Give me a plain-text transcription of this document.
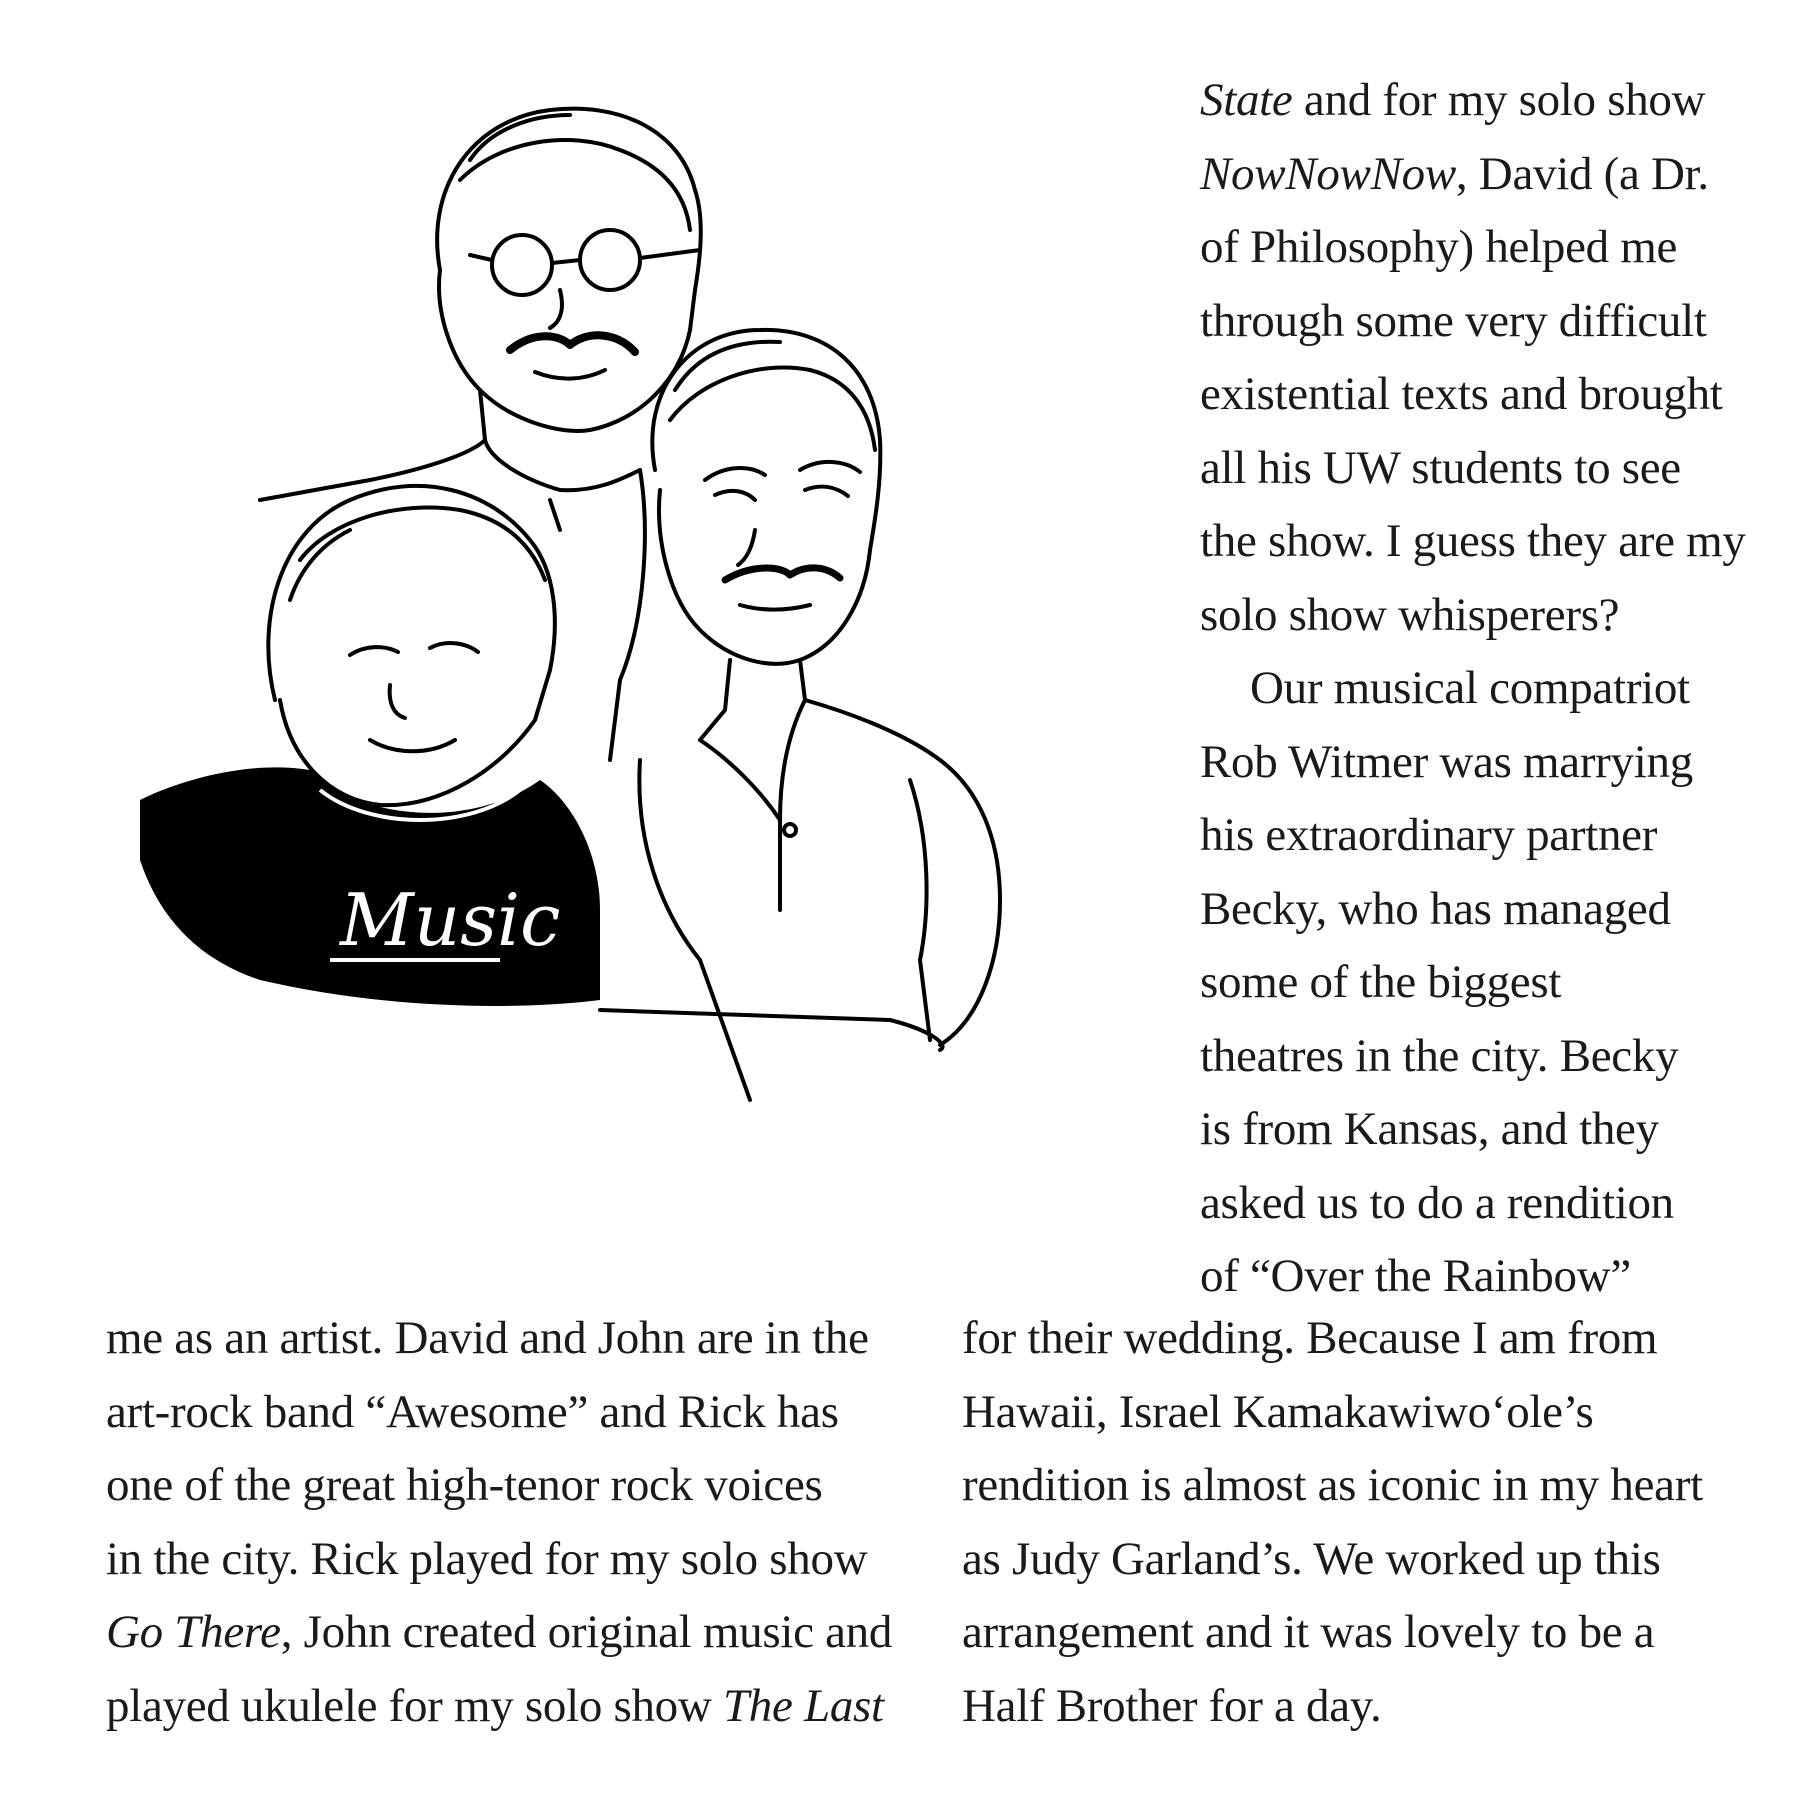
Music
State and for my solo show
NowNowNow, David (a Dr.
of Philosophy) helped me
through some very difficult
existential texts and brought
all his UW students to see
the show. I guess they are my
solo show whisperers?
Our musical compatriot
Rob Witmer was marrying
his extraordinary partner
Becky, who has managed
some of the biggest
theatres in the city. Becky
is from Kansas, and they
asked us to do a rendition
of “Over the Rainbow”
me as an artist. David and John are in the
art-rock band “Awesome” and Rick has
one of the great high-tenor rock voices
in the city. Rick played for my solo show
Go There, John created original music and
played ukulele for my solo show The Last
for their wedding. Because I am from
Hawaii, Israel Kamakawiwo‘ole’s
rendition is almost as iconic in my heart
as Judy Garland’s. We worked up this
arrangement and it was lovely to be a
Half Brother for a day.
